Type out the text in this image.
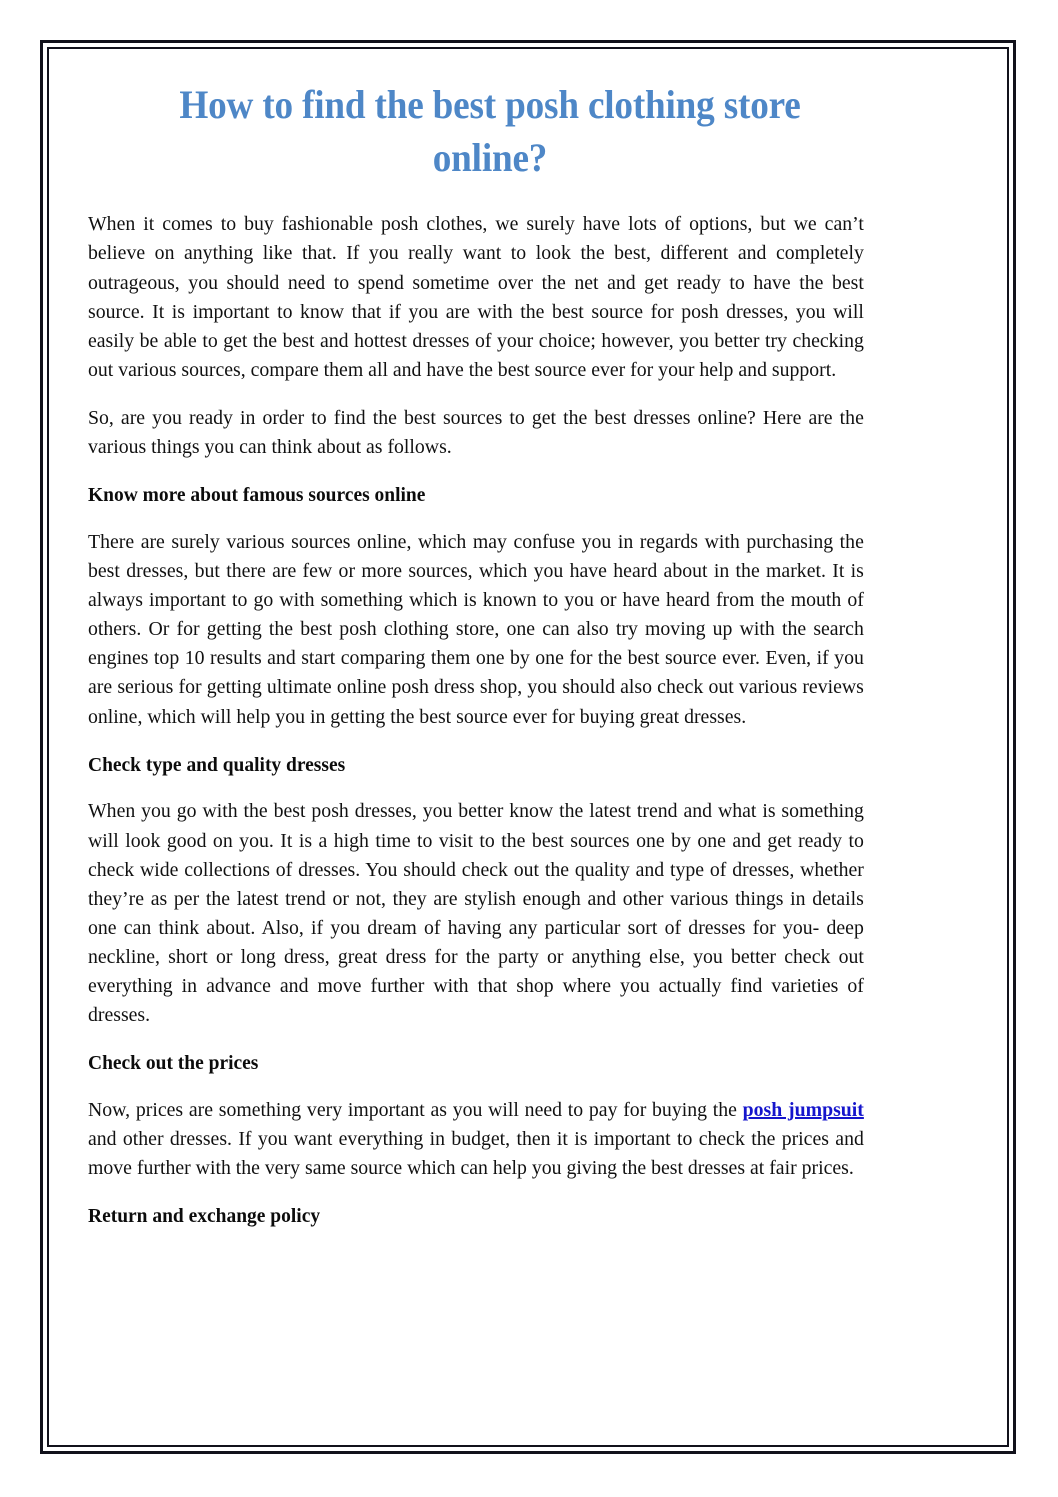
How to find the best posh clothing store online?

When it comes to buy fashionable posh clothes, we surely have lots of options, but we can’t believe on anything like that. If you really want to look the best, different and completely outrageous, you should need to spend sometime over the net and get ready to have the best source. It is important to know that if you are with the best source for posh dresses, you will easily be able to get the best and hottest dresses of your choice; however, you better try checking out various sources, compare them all and have the best source ever for your help and support.

So, are you ready in order to find the best sources to get the best dresses online? Here are the various things you can think about as follows.

Know more about famous sources online

There are surely various sources online, which may confuse you in regards with purchasing the best dresses, but there are few or more sources, which you have heard about in the market. It is always important to go with something which is known to you or have heard from the mouth of others. Or for getting the best posh clothing store, one can also try moving up with the search engines top 10 results and start comparing them one by one for the best source ever. Even, if you are serious for getting ultimate online posh dress shop, you should also check out various reviews online, which will help you in getting the best source ever for buying great dresses.

Check type and quality dresses

When you go with the best posh dresses, you better know the latest trend and what is something will look good on you. It is a high time to visit to the best sources one by one and get ready to check wide collections of dresses. You should check out the quality and type of dresses, whether they’re as per the latest trend or not, they are stylish enough and other various things in details one can think about. Also, if you dream of having any particular sort of dresses for you- deep neckline, short or long dress, great dress for the party or anything else, you better check out everything in advance and move further with that shop where you actually find varieties of dresses.

Check out the prices

Now, prices are something very important as you will need to pay for buying the posh jumpsuit and other dresses. If you want everything in budget, then it is important to check the prices and move further with the very same source which can help you giving the best dresses at fair prices.

Return and exchange policy
